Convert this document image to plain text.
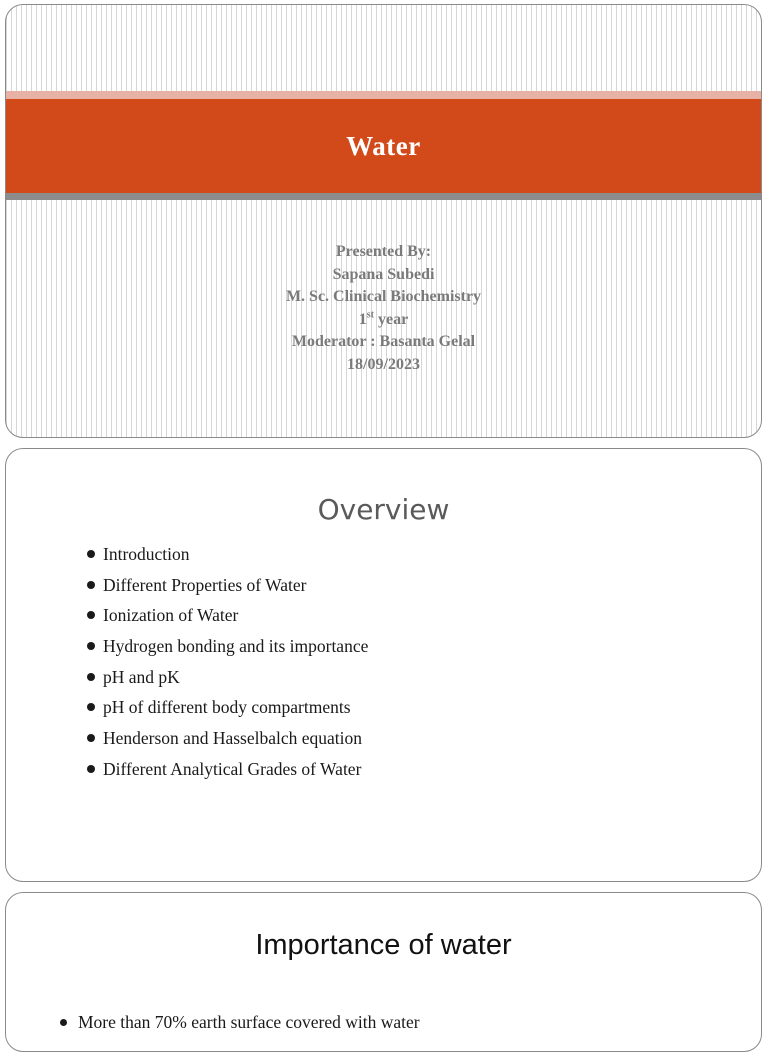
Water
Presented By:
Sapana Subedi
M. Sc. Clinical Biochemistry
1st year
Moderator : Basanta Gelal
18/09/2023
Overview
Introduction
Different Properties of Water
Ionization of Water
Hydrogen bonding and its importance
pH and pK
pH of different body compartments
Henderson and Hasselbalch equation
Different Analytical Grades of Water
Importance of water
More than 70% earth surface covered with water
